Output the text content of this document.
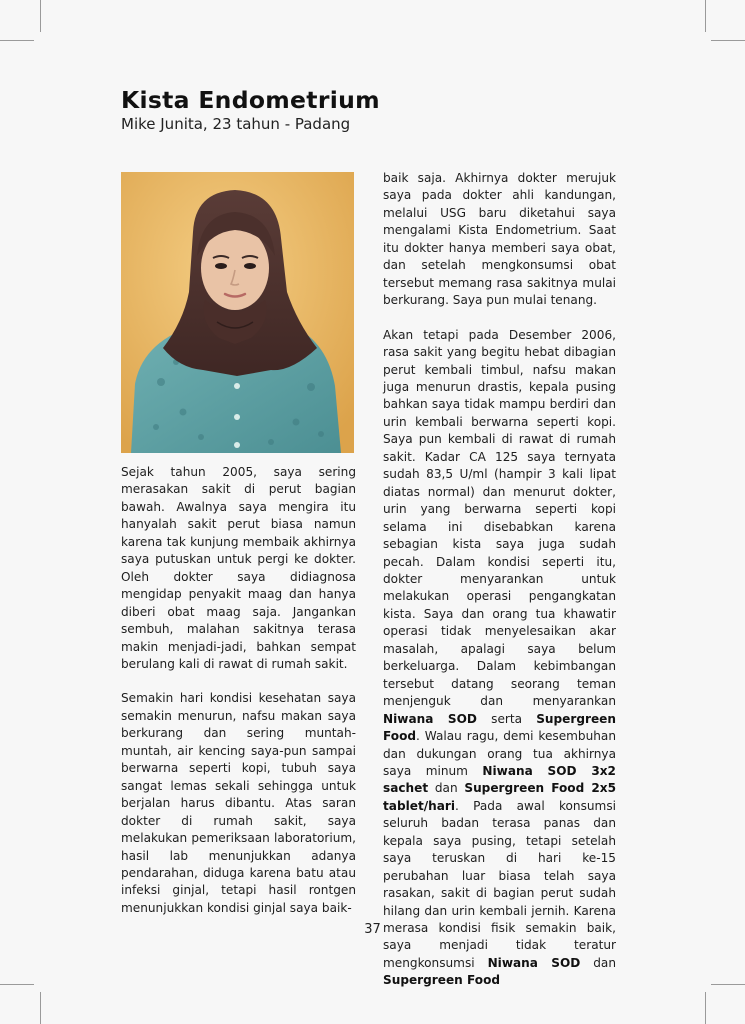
Kista Endometrium
Mike Junita, 23 tahun - Padang

Sejak tahun 2005, saya sering merasakan sakit di perut bagian bawah. Awalnya saya mengira itu hanyalah sakit perut biasa namun karena tak kunjung membaik akhirnya saya putuskan untuk pergi ke dokter. Oleh dokter saya didiagnosa mengidap penyakit maag dan hanya diberi obat maag saja. Jangankan sembuh, malahan sakitnya terasa makin menjadi-jadi, bahkan sempat berulang kali di rawat di rumah sakit.

Semakin hari kondisi kesehatan saya semakin menurun, nafsu makan saya berkurang dan sering muntah-muntah, air kencing saya-pun sampai berwarna seperti kopi, tubuh saya sangat lemas sekali sehingga untuk berjalan harus dibantu. Atas saran dokter di rumah sakit, saya melakukan pemeriksaan laboratorium, hasil lab menunjukkan adanya pendarahan, diduga karena batu atau infeksi ginjal, tetapi hasil rontgen menunjukkan kondisi ginjal saya baik-

baik saja. Akhirnya dokter merujuk saya pada dokter ahli kandungan, melalui USG baru diketahui saya mengalami Kista Endometrium. Saat itu dokter hanya memberi saya obat, dan setelah mengkonsumsi obat tersebut memang rasa sakitnya mulai berkurang. Saya pun mulai tenang.

Akan tetapi pada Desember 2006, rasa sakit yang begitu hebat dibagian perut kembali timbul, nafsu makan juga menurun drastis, kepala pusing bahkan saya tidak mampu berdiri dan urin kembali berwarna seperti kopi. Saya pun kembali di rawat di rumah sakit. Kadar CA 125 saya ternyata sudah 83,5 U/ml (hampir 3 kali lipat diatas normal) dan menurut dokter, urin yang berwarna seperti kopi selama ini disebabkan karena sebagian kista saya juga sudah pecah. Dalam kondisi seperti itu, dokter menyarankan untuk melakukan operasi pengangkatan kista. Saya dan orang tua khawatir operasi tidak menyelesaikan akar masalah, apalagi saya belum berkeluarga. Dalam kebimbangan tersebut datang seorang teman menjenguk dan menyarankan Niwana SOD serta Supergreen Food. Walau ragu, demi kesembuhan dan dukungan orang tua akhirnya saya minum Niwana SOD 3x2 sachet dan Supergreen Food 2x5 tablet/hari. Pada awal konsumsi seluruh badan terasa panas dan kepala saya pusing, tetapi setelah saya teruskan di hari ke-15 perubahan luar biasa telah saya rasakan, sakit di bagian perut sudah hilang dan urin kembali jernih. Karena merasa kondisi fisik semakin baik, saya menjadi tidak teratur mengkonsumsi Niwana SOD dan Supergreen Food

37
